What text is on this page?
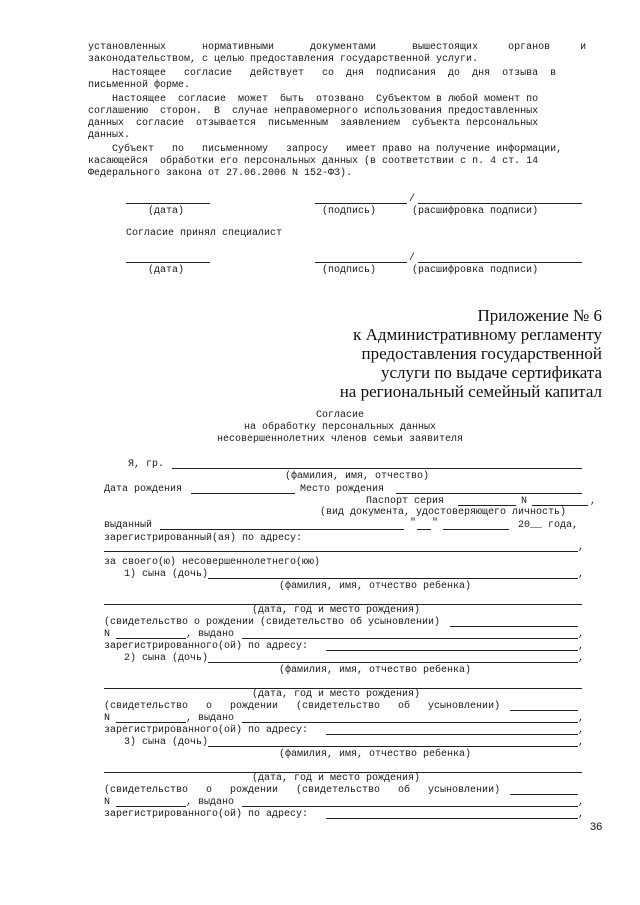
установленных      нормативными      документами      вышестоящих     органов     и
законодательством, с целью предоставления государственной услуги.
Настоящее   согласие   действует   со  дня  подписания  до  дня  отзыва  в
письменной форме.
Настоящее  согласие  может  быть  отозвано  Субъектом в любой момент по
соглашению  сторон.  В  случае неправомерного использования предоставленных
данных  согласие  отзывается  письменным  заявлением  субъекта персональных
данных.
Субъект   по   письменному   запросу   имеет право на получение информации,
касающейся  обработки его персональных данных (в соответствии с п. 4 ст. 14
Федерального закона от 27.06.2006 N 152-ФЗ).
/
(дата)                       (подпись)      (расшифровка подписи)
Согласие принял специалист
/
(дата)                       (подпись)      (расшифровка подписи)
Приложение № 6
к Административному регламенту
предоставления государственной
услуги по выдаче сертификата
на региональный семейный капитал
Согласие
на обработку персональных данных
несовершеннолетних членов семьи заявителя
Я, гр.
(фамилия, имя, отчество)
Дата рождения	Место рождения
Паспорт серия	N	,
(вид документа, удостоверяющего личность)
выданный	" "	20__ года,
зарегистрированный(ая) по адресу:
,
за своего(ю) несовершеннолетнего(юю)
1) сына (дочь)	,
(фамилия, имя, отчество ребенка)
(дата, год и место рождения)
(свидетельство о рождении (свидетельство об усыновлении)
N	, выдано	,
зарегистрированного(ой) по адресу:	,
2) сына (дочь)	,
(фамилия, имя, отчество ребенка)
(дата, год и место рождения)
(свидетельство   о   рождении   (свидетельство   об   усыновлении)
N	, выдано	,
зарегистрированного(ой) по адресу:	,
3) сына (дочь)	,
(фамилия, имя, отчество ребенка)
(дата, год и место рождения)
(свидетельство   о   рождении   (свидетельство   об   усыновлении)
N	, выдано	,
зарегистрированного(ой) по адресу:	,
36
